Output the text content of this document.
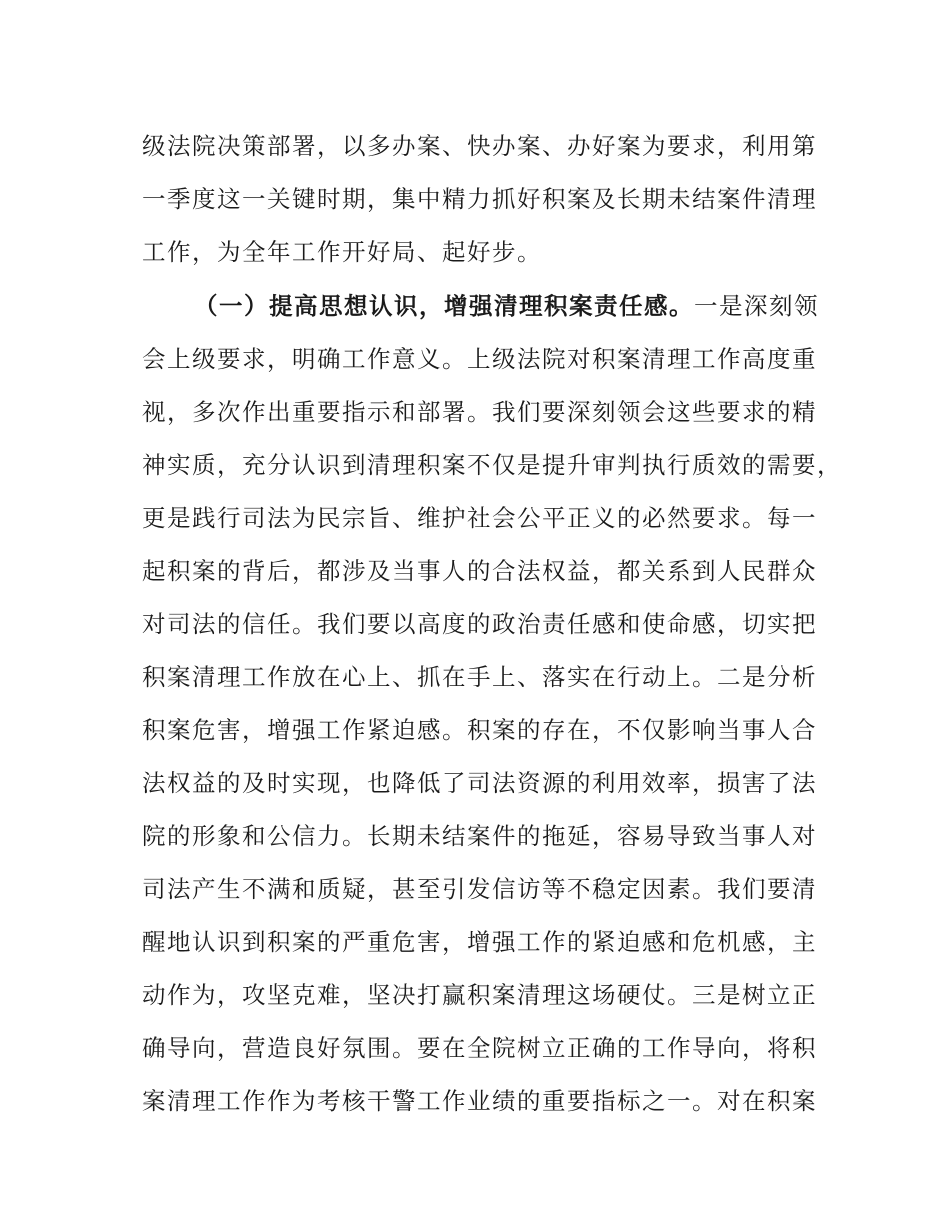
级法院决策部署，以多办案、快办案、办好案为要求，利用第
一季度这一关键时期，集中精力抓好积案及长期未结案件清理
工作，为全年工作开好局、起好步。
（一）提高思想认识，增强清理积案责任感。一是深刻领
会上级要求，明确工作意义。上级法院对积案清理工作高度重
视，多次作出重要指示和部署。我们要深刻领会这些要求的精
神实质，充分认识到清理积案不仅是提升审判执行质效的需要，
更是践行司法为民宗旨、维护社会公平正义的必然要求。每一
起积案的背后，都涉及当事人的合法权益，都关系到人民群众
对司法的信任。我们要以高度的政治责任感和使命感，切实把
积案清理工作放在心上、抓在手上、落实在行动上。二是分析
积案危害，增强工作紧迫感。积案的存在，不仅影响当事人合
法权益的及时实现，也降低了司法资源的利用效率，损害了法
院的形象和公信力。长期未结案件的拖延，容易导致当事人对
司法产生不满和质疑，甚至引发信访等不稳定因素。我们要清
醒地认识到积案的严重危害，增强工作的紧迫感和危机感，主
动作为，攻坚克难，坚决打赢积案清理这场硬仗。三是树立正
确导向，营造良好氛围。要在全院树立正确的工作导向，将积
案清理工作作为考核干警工作业绩的重要指标之一。对在积案
